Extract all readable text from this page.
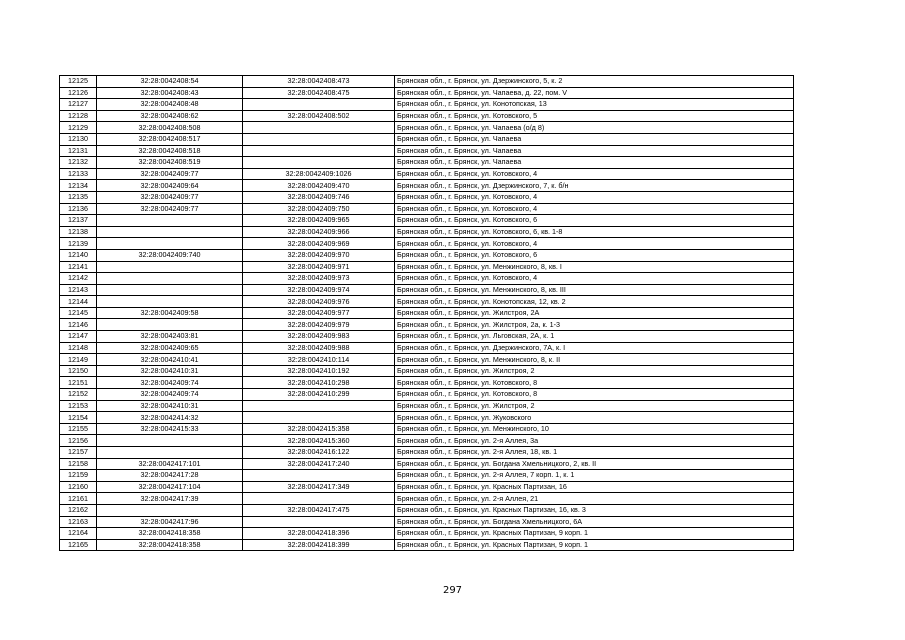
12125	32:28:0042408:54	32:28:0042408:473	Брянская обл., г. Брянск, ул. Дзержинского, 5, к. 2
12126	32:28:0042408:43	32:28:0042408:475	Брянская обл., г. Брянск, ул. Чапаева, д. 22, пом. V
12127	32:28:0042408:48		Брянская обл., г. Брянск, ул. Конотопская, 13
12128	32:28:0042408:62	32:28:0042408:502	Брянская обл., г. Брянск, ул. Котовского, 5
12129	32:28:0042408:508		Брянская обл., г. Брянск, ул. Чапаева (о/д 8)
12130	32:28:0042408:517		Брянская обл., г. Брянск, ул. Чапаева
12131	32:28:0042408:518		Брянская обл., г. Брянск, ул. Чапаева
12132	32:28:0042408:519		Брянская обл., г. Брянск, ул. Чапаева
12133	32:28:0042409:77	32:28:0042409:1026	Брянская обл., г. Брянск, ул. Котовского, 4
12134	32:28:0042409:64	32:28:0042409:470	Брянская обл., г. Брянск, ул. Дзержинского, 7, к. б/н
12135	32:28:0042409:77	32:28:0042409:746	Брянская обл., г. Брянск, ул. Котовского, 4
12136	32:28:0042409:77	32:28:0042409:750	Брянская обл., г. Брянск, ул. Котовского, 4
12137		32:28:0042409:965	Брянская обл., г. Брянск, ул. Котовского, 6
12138		32:28:0042409:966	Брянская обл., г. Брянск, ул. Котовского, 6, кв. 1-8
12139		32:28:0042409:969	Брянская обл., г. Брянск, ул. Котовского, 4
12140	32:28:0042409:740	32:28:0042409:970	Брянская обл., г. Брянск, ул. Котовского, 6
12141		32:28:0042409:971	Брянская обл., г. Брянск, ул. Менжинского, 8, кв. I
12142		32:28:0042409:973	Брянская обл., г. Брянск, ул. Котовского, 4
12143		32:28:0042409:974	Брянская обл., г. Брянск, ул. Менжинского, 8, кв. III
12144		32:28:0042409:976	Брянская обл., г. Брянск, ул. Конотопская, 12, кв. 2
12145	32:28:0042409:58	32:28:0042409:977	Брянская обл., г. Брянск, ул. Жилстроя, 2А
12146		32:28:0042409:979	Брянская обл., г. Брянск, ул. Жилстроя, 2а, к. 1-3
12147	32:28:0042403:81	32:28:0042409:983	Брянская обл., г. Брянск, ул. Льговская, 2А, к. 1
12148	32:28:0042409:65	32:28:0042409:988	Брянская обл., г. Брянск, ул. Дзержинского, 7А, к. I
12149	32:28:0042410:41	32:28:0042410:114	Брянская обл., г. Брянск, ул. Менжинского, 8, к. II
12150	32:28:0042410:31	32:28:0042410:192	Брянская обл., г. Брянск, ул. Жилстроя, 2
12151	32:28:0042409:74	32:28:0042410:298	Брянская обл., г. Брянск, ул. Котовского, 8
12152	32:28:0042409:74	32:28:0042410:299	Брянская обл., г. Брянск, ул. Котовского, 8
12153	32:28:0042410:31		Брянская обл., г. Брянск, ул. Жилстроя, 2
12154	32:28:0042414:32		Брянская обл., г. Брянск, ул. Жуковского
12155	32:28:0042415:33	32:28:0042415:358	Брянская обл., г. Брянск, ул. Менжинского, 10
12156		32:28:0042415:360	Брянская обл., г. Брянск, ул. 2-я Аллея, 3а
12157		32:28:0042416:122	Брянская обл., г. Брянск, ул. 2-я Аллея, 18, кв. 1
12158	32:28:0042417:101	32:28:0042417:240	Брянская обл., г. Брянск, ул. Богдана Хмельницкого, 2, кв. II
12159	32:28:0042417:28		Брянская обл., г. Брянск, ул. 2-я Аллея, 7 корп. 1, к. 1
12160	32:28:0042417:104	32:28:0042417:349	Брянская обл., г. Брянск, ул. Красных Партизан, 16
12161	32:28:0042417:39		Брянская обл., г. Брянск, ул. 2-я Аллея, 21
12162		32:28:0042417:475	Брянская обл., г. Брянск, ул. Красных Партизан, 16, кв. 3
12163	32:28:0042417:96		Брянская обл., г. Брянск, ул. Богдана Хмельницкого, 6А
12164	32:28:0042418:358	32:28:0042418:396	Брянская обл., г. Брянск, ул. Красных Партизан, 9 корп. 1
12165	32:28:0042418:358	32:28:0042418:399	Брянская обл., г. Брянск, ул. Красных Партизан, 9 корп. 1
297
